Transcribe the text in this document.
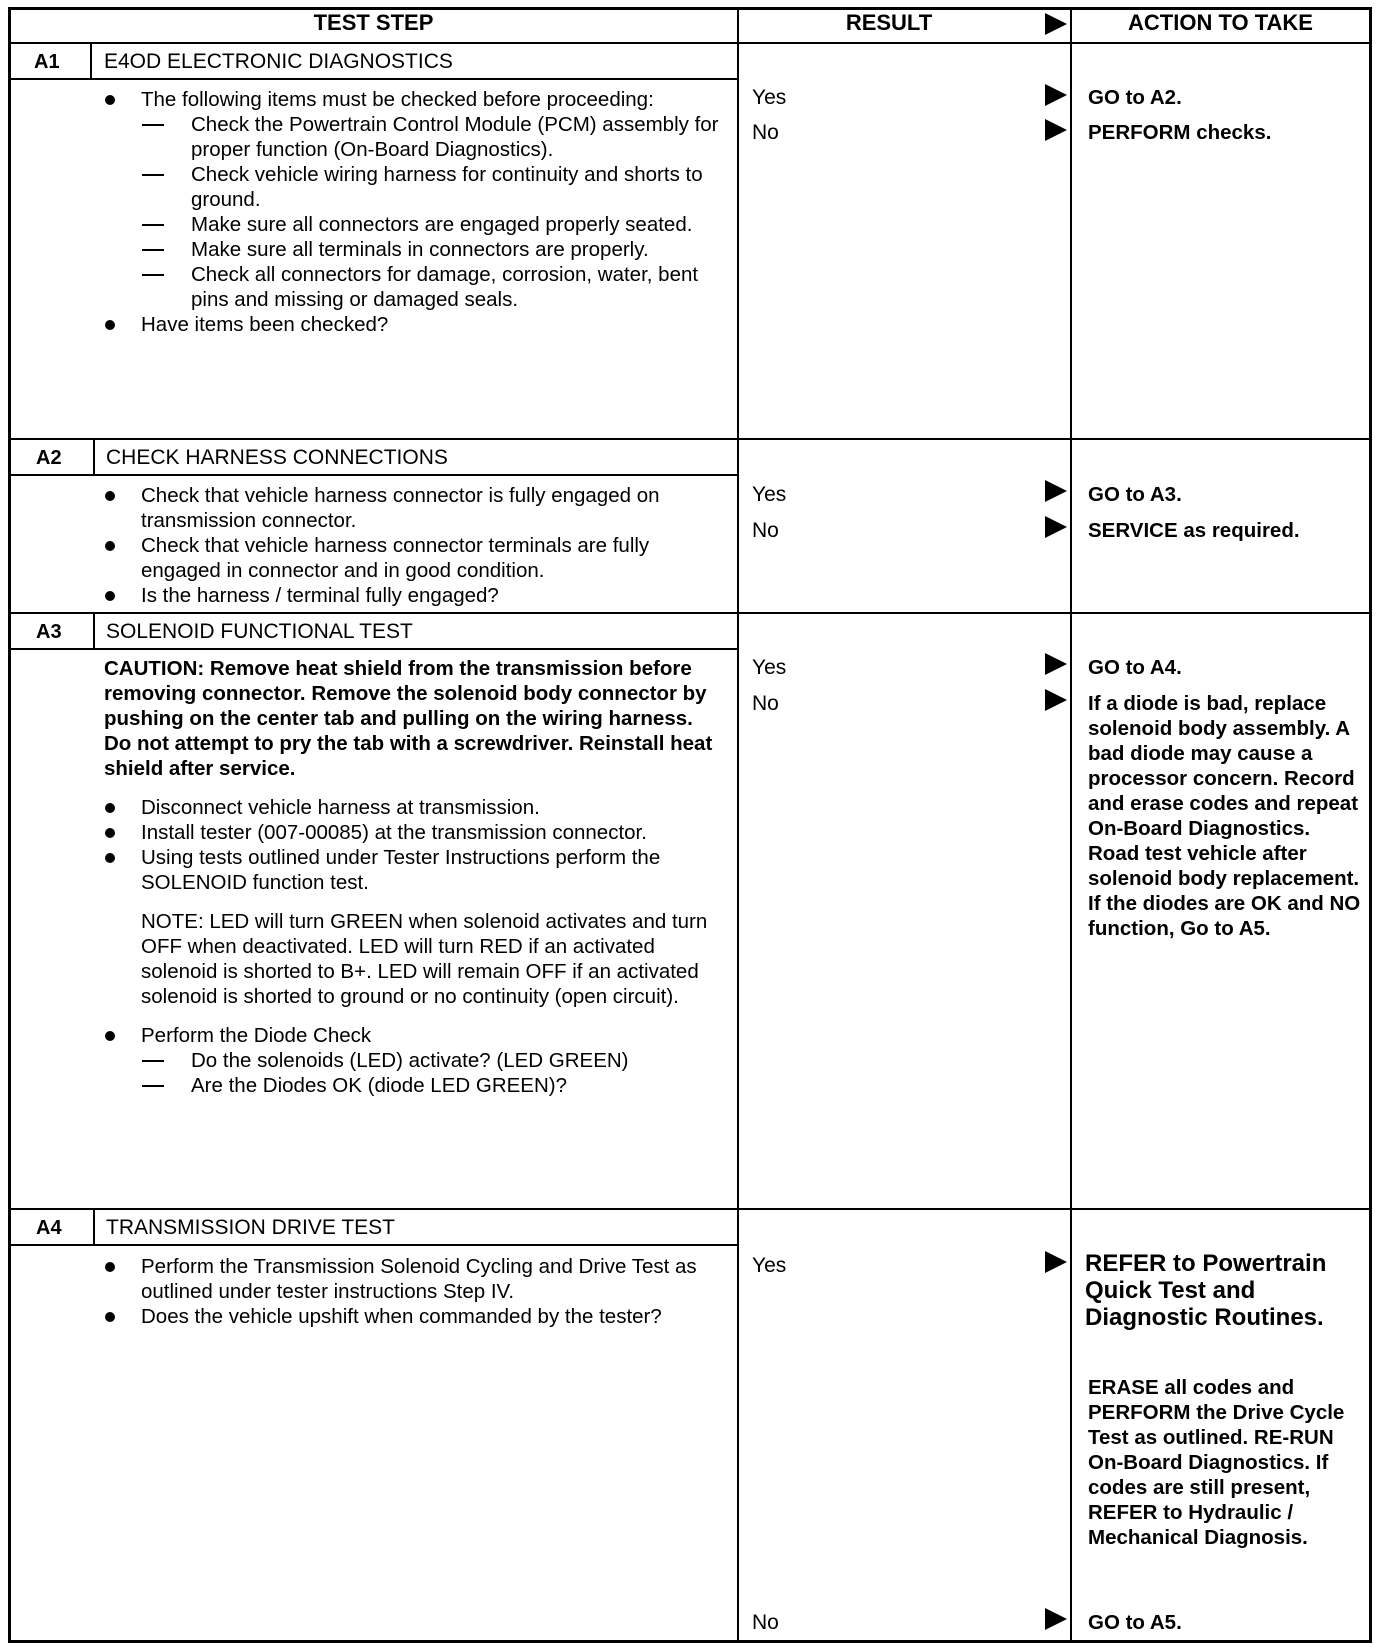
TEST STEP	RESULT	ACTION TO TAKE
A1 E4OD ELECTRONIC DIAGNOSTICS
The following items must be checked before proceeding:
Check the Powertrain Control Module (PCM) assembly for proper function (On-Board Diagnostics).
Check vehicle wiring harness for continuity and shorts to ground.
Make sure all connectors are engaged properly seated.
Make sure all terminals in connectors are properly.
Check all connectors for damage, corrosion, water, bent pins and missing or damaged seals.
Have items been checked?
Yes	GO to A2.
No	PERFORM checks.
A2 CHECK HARNESS CONNECTIONS
Check that vehicle harness connector is fully engaged on transmission connector.
Check that vehicle harness connector terminals are fully engaged in connector and in good condition.
Is the harness / terminal fully engaged?
Yes	GO to A3.
No	SERVICE as required.
A3 SOLENOID FUNCTIONAL TEST
CAUTION: Remove heat shield from the transmission before removing connector. Remove the solenoid body connector by pushing on the center tab and pulling on the wiring harness. Do not attempt to pry the tab with a screwdriver. Reinstall heat shield after service.
Disconnect vehicle harness at transmission.
Install tester (007-00085) at the transmission connector.
Using tests outlined under Tester Instructions perform the SOLENOID function test.
NOTE: LED will turn GREEN when solenoid activates and turn OFF when deactivated. LED will turn RED if an activated solenoid is shorted to B+. LED will remain OFF if an activated solenoid is shorted to ground or no continuity (open circuit).
Perform the Diode Check
Do the solenoids (LED) activate? (LED GREEN)
Are the Diodes OK (diode LED GREEN)?
Yes	GO to A4.
No	If a diode is bad, replace solenoid body assembly. A bad diode may cause a processor concern. Record and erase codes and repeat On-Board Diagnostics. Road test vehicle after solenoid body replacement. If the diodes are OK and NO function, Go to A5.
A4 TRANSMISSION DRIVE TEST
Perform the Transmission Solenoid Cycling and Drive Test as outlined under tester instructions Step IV.
Does the vehicle upshift when commanded by the tester?
Yes	REFER to Powertrain Quick Test and Diagnostic Routines.
ERASE all codes and PERFORM the Drive Cycle Test as outlined. RE-RUN On-Board Diagnostics. If codes are still present, REFER to Hydraulic / Mechanical Diagnosis.
No	GO to A5.
